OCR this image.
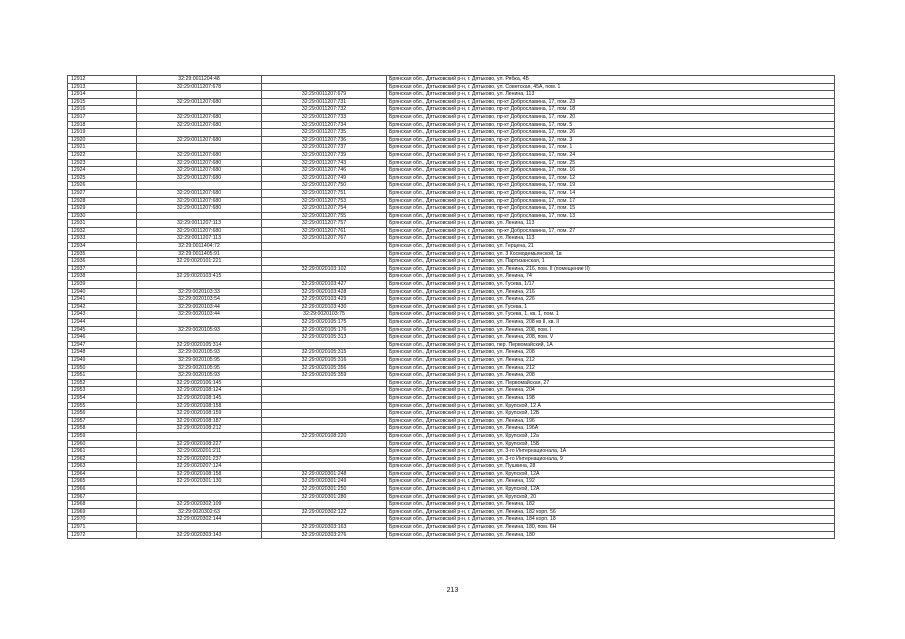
12912	32:29:0011204:48		Брянская обл., Дятьковский р-н, г. Дятьково, ул. Рябка, 4Б
12913	32:29:0011207:678		Брянская обл., Дятьковский р-н, г. Дятьково, ул. Советская, 45А, пом. 1
12914		32:29:0011207:679	Брянская обл., Дятьковский р-н, г. Дятьково, ул. Ленина, 113
12915	32:29:0011207:680	32:29:0011207:731	Брянская обл., Дятьковский р-н, г. Дятьково, пр-кт Доброславина, 17, пом. 23
12916		32:29:0011207:732	Брянская обл., Дятьковский р-н, г. Дятьково, пр-кт Доброславина, 17, пом. 18
12917	32:29:0011207:680	32:29:0011207:733	Брянская обл., Дятьковский р-н, г. Дятьково, пр-кт Доброславина, 17, пом. 20
12918	32:29:0011207:680	32:29:0011207:734	Брянская обл., Дятьковский р-н, г. Дятьково, пр-кт Доброславина, 17, пом. 5
12919		32:29:0011207:735	Брянская обл., Дятьковский р-н, г. Дятьково, пр-кт Доброславина, 17, пом. 26
12920	32:29:0011207:680	32:29:0011207:736	Брянская обл., Дятьковский р-н, г. Дятьково, пр-кт Доброславина, 17, пом. 3
12921		32:29:0011207:737	Брянская обл., Дятьковский р-н, г. Дятьково, пр-кт Доброславина, 17, пом. 1
12922	32:29:0011207:680	32:29:0011207:739	Брянская обл., Дятьковский р-н, г. Дятьково, пр-кт Доброславина, 17, пом. 24
12923	32:29:0011207:680	32:29:0011207:743	Брянская обл., Дятьковский р-н, г. Дятьково, пр-кт Доброславина, 17, пом. 25
12924	32:29:0011207:680	32:29:0011207:746	Брянская обл., Дятьковский р-н, г. Дятьково, пр-кт Доброславина, 17, пом. 16
12925	32:29:0011207:680	32:29:0011207:749	Брянская обл., Дятьковский р-н, г. Дятьково, пр-кт Доброславина, 17, пом. 12
12926		32:29:0011207:750	Брянская обл., Дятьковский р-н, г. Дятьково, пр-кт Доброславина, 17, пом. 19
12927	32:29:0011207:680	32:29:0011207:751	Брянская обл., Дятьковский р-н, г. Дятьково, пр-кт Доброславина, 17, пом. 14
12928	32:29:0011207:680	32:29:0011207:753	Брянская обл., Дятьковский р-н, г. Дятьково, пр-кт Доброславина, 17, пом. 17
12929	32:29:0011207:680	32:29:0011207:754	Брянская обл., Дятьковский р-н, г. Дятьково, пр-кт Доброславина, 17, пом. 15
12930		32:29:0011207:755	Брянская обл., Дятьковский р-н, г. Дятьково, пр-кт Доброславина, 17, пом. 13
12931	32:29:0011207:113	32:29:0011207:757	Брянская обл., Дятьковский р-н, г. Дятьково, ул. Ленина, 113
12932	32:29:0011207:680	32:29:0011207:761	Брянская обл., Дятьковский р-н, г. Дятьково, пр-кт Доброславина, 17, пом. 27
12933	32:29:0011207:113	32:29:0011207:767	Брянская обл., Дятьковский р-н, г. Дятьково, ул. Ленина, 113
12934	32:29:0011404:72		Брянская обл., Дятьковский р-н, г. Дятьково, ул. Герцена, 21
12935	32:29:0011405:91		Брянская обл., Дятьковский р-н, г. Дятьково, ул. 3 Космодемьянской, 1в
12936	32:29:0020101:221		Брянская обл., Дятьковский р-н, г. Дятьково, ул. Партизанская, 1
12937		32:29:0020103:102	Брянская обл., Дятьковский р-н, г. Дятьково, ул. Ленина, 216, пом. II (помещение II)
12938	32:29:0020103:415		Брянская обл., Дятьковский р-н, г. Дятьково, ул. Ленина, 74
12939		32:29:0020103:427	Брянская обл., Дятьковский р-н, г. Дятьково, ул. Гусева, 1/17
12940	32:29:0020103:33	32:29:0020103:428	Брянская обл., Дятьковский р-н, г. Дятьково, ул. Ленина, 216
12941	32:29:0020103:54	32:29:0020103:429	Брянская обл., Дятьковский р-н, г. Дятьково, ул. Ленина, 226
12942	32:29:0020103:44	32:29:0020103:430	Брянская обл., Дятьковский р-н, г. Дятьково, ул. Гусева, 1
12943	32:29:0020103:44	32:29:0020103:75	Брянская обл., Дятьковский р-н, г. Дятьково, ул. Гусева, 1, кв. 1, пом. 1
12944		32:29:0020105:175	Брянская обл., Дятьковский р-н, г. Дятьково, ул. Ленина, 208 кв II, кв. II
12945	32:29:0020105:93	32:29:0020105:176	Брянская обл., Дятьковский р-н, г. Дятьково, ул. Ленина, 208, пом. I
12946		32:29:0020105:313	Брянская обл., Дятьковский р-н, г. Дятьково, ул. Ленина, 208, пом. V
12947	32:29:0020105:314		Брянская обл., Дятьковский р-н, г. Дятьково, пер. Первомайский, 1А
12948	32:29:0020105:93	32:29:0020105:315	Брянская обл., Дятьковский р-н, г. Дятьково, ул. Ленина, 208
12949	32:29:0020105:95	32:29:0020105:316	Брянская обл., Дятьковский р-н, г. Дятьково, ул. Ленина, 212
12950	32:29:0020105:95	32:29:0020105:356	Брянская обл., Дятьковский р-н, г. Дятьково, ул. Ленина, 212
12951	32:29:0020105:93	32:29:0020105:359	Брянская обл., Дятьковский р-н, г. Дятьково, ул. Ленина, 208
12952	32:29:0020106:145		Брянская обл., Дятьковский р-н, г. Дятьково, ул. Первомайская, 27
12953	32:29:0020108:124		Брянская обл., Дятьковский р-н, г. Дятьково, ул. Ленина, 204
12954	32:29:0020108:145		Брянская обл., Дятьковский р-н, г. Дятьково, ул. Ленина, 198
12955	32:29:0020108:158		Брянская обл., Дятьковский р-н, г. Дятьково, ул. Крупской, 12 А
12956	32:29:0020108:159		Брянская обл., Дятьковский р-н, г. Дятьково, ул. Крупской, 12Б
12957	32:29:0020108:187		Брянская обл., Дятьковский р-н, г. Дятьково, ул. Ленина, 196
12958	32:29:0020108:212		Брянская обл., Дятьковский р-н, г. Дятьково, ул. Ленина, 196А
12959		32:29:0020108:220	Брянская обл., Дятьковский р-н, г. Дятьково, ул. Крупской, 12а
12960	32:29:0020108:227		Брянская обл., Дятьковский р-н, г. Дятьково, ул. Крупской, 15Б
12961	32:29:0020201:211		Брянская обл., Дятьковский р-н, г. Дятьково, ул. 3-го Интернационала, 1А
12962	32:29:0020201:237		Брянская обл., Дятьковский р-н, г. Дятьково, ул. 3-го Интернационала, 9
12963	32:29:0020207:124		Брянская обл., Дятьковский р-н, г. Дятьково, ул. Пушкина, 28
12964	32:29:0020108:158	32:29:0020301:248	Брянская обл., Дятьковский р-н, г. Дятьково, ул. Крупской, 12А
12965	32:29:0020301:130	32:29:0020301:249	Брянская обл., Дятьковский р-н, г. Дятьково, ул. Ленина, 192
12966		32:29:0020301:250	Брянская обл., Дятьковский р-н, г. Дятьково, ул. Крупской, 12А
12967		32:29:0020301:280	Брянская обл., Дятьковский р-н, г. Дятьково, ул. Крупской, 20
12968	32:29:0020302:109		Брянская обл., Дятьковский р-н, г. Дятьково, ул. Ленина, 182
12969	32:29:0020302:63	32:29:0020302:122	Брянская обл., Дятьковский р-н, г. Дятьково, ул. Ленина, 182 корп. 56
12970	32:29:0020302:144		Брянская обл., Дятьковский р-н, г. Дятьково, ул. Ленина, 184 корп. 18
12971		32:29:0020303:163	Брянская обл., Дятьковский р-н, г. Дятьково, ул. Ленина, 180, пом. 6Н
12972	32:29:0020303:143	32:29:0020303:276	Брянская обл., Дятьковский р-н, г. Дятьково, ул. Ленина, 180
213
